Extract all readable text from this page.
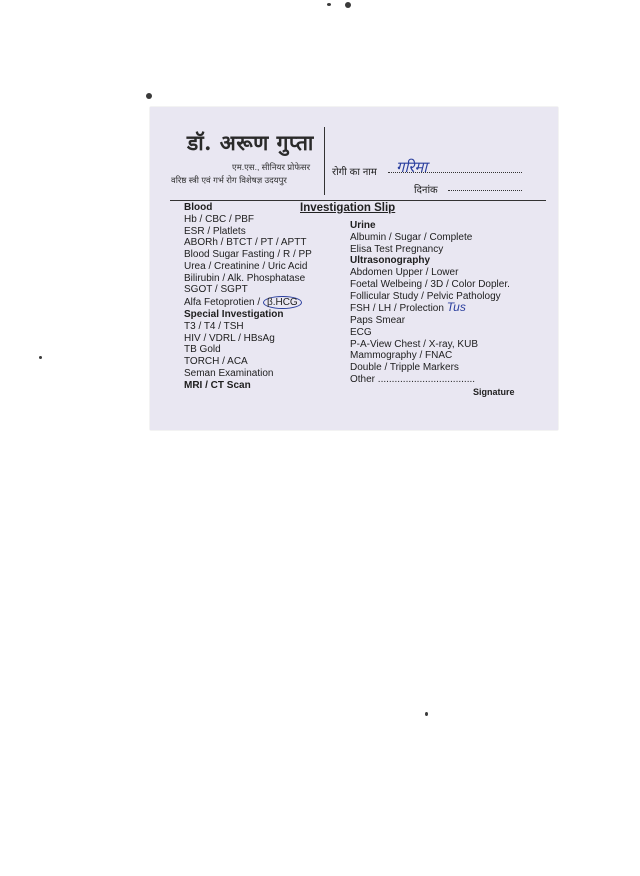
डॉ. अरूण गुप्ता
एम.एस., सीनियर प्रोफेसर
वरिष्ठ स्त्री एवं गर्भ रोग विशेषज्ञ उदयपुर
रोगी का नाम गरिमा
दिनांक
Investigation Slip
Blood
Hb / CBC / PBF
ESR / Platlets
ABORh / BTCT / PT / APTT
Blood Sugar Fasting / R / PP
Urea / Creatinine / Uric Acid
Bilirubin / Alk. Phosphatase
SGOT / SGPT
Alfa Fetoprotien / β.HCG
Special Investigation
T3 / T4 / TSH
HIV / VDRL / HBsAg
TB Gold
TORCH / ACA
Seman Examination
MRI / CT Scan
Urine
Albumin / Sugar / Complete
Elisa Test Pregnancy
Ultrasonography
Abdomen Upper / Lower
Foetal Welbeing / 3D / Color Dopler.
Follicular Study / Pelvic Pathology
FSH / LH / Prolection Tus
Paps Smear
ECG
P-A-View Chest / X-ray, KUB
Mammography / FNAC
Double / Tripple Markers
Other ...................................
Signature
